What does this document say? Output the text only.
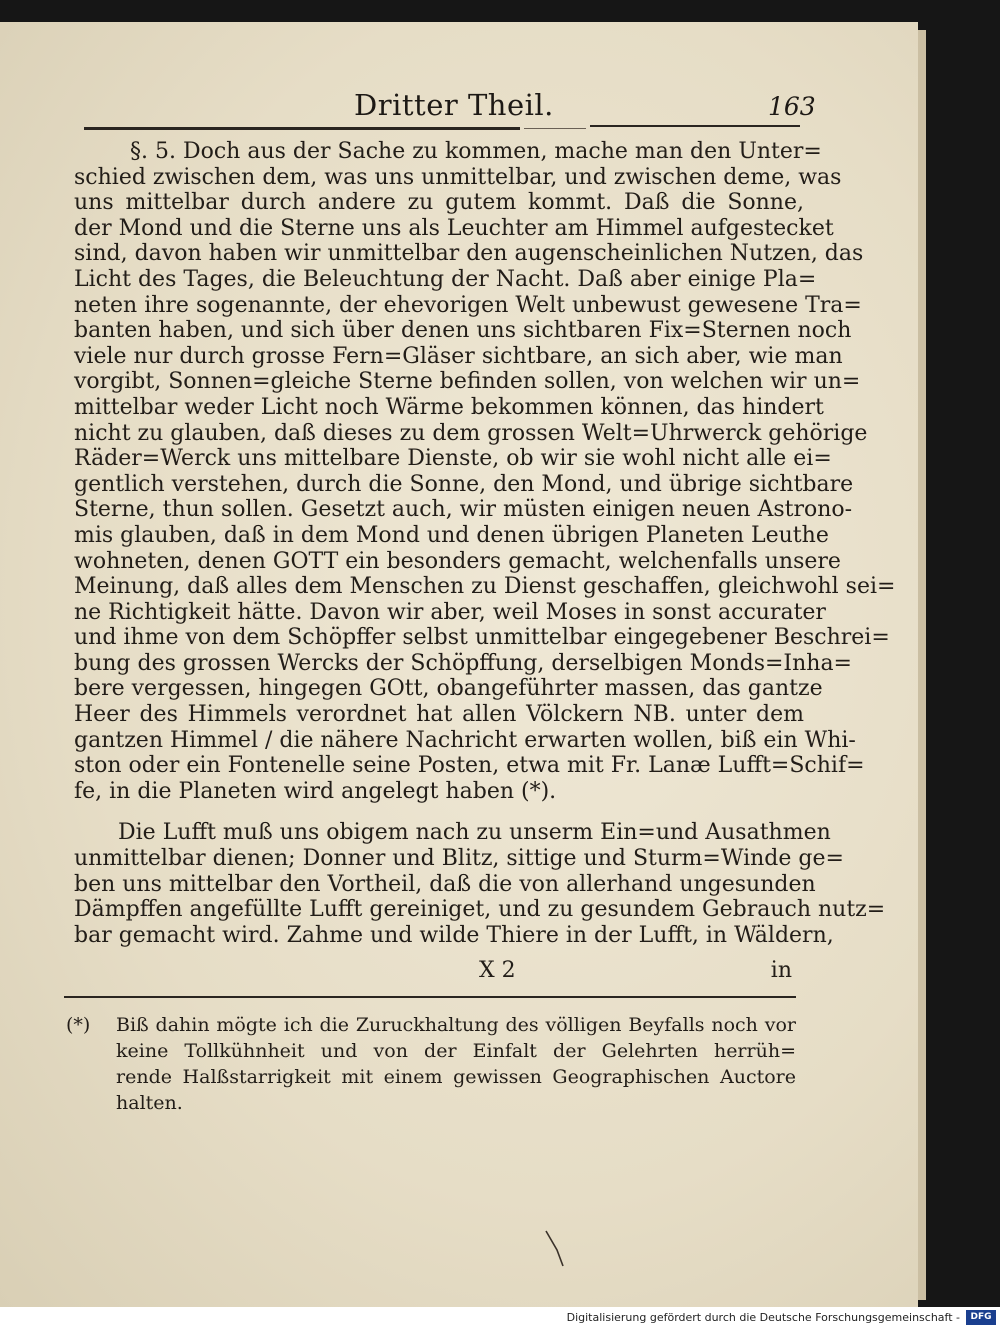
Dritter Theil.	163
§. 5. Doch aus der Sache zu kommen, mache man den Unter=
schied zwischen dem, was uns unmittelbar, und zwischen deme, was
uns mittelbar durch andere zu gutem kommt. Daß die Sonne,
der Mond und die Sterne uns als Leuchter am Himmel aufgestecket
sind, davon haben wir unmittelbar den augenscheinlichen Nutzen, das
Licht des Tages, die Beleuchtung der Nacht. Daß aber einige Pla=
neten ihre sogenannte, der ehevorigen Welt unbewust gewesene Tra=
banten haben, und sich über denen uns sichtbaren Fix=Sternen noch
viele nur durch grosse Fern=Gläser sichtbare, an sich aber, wie man
vorgibt, Sonnen=gleiche Sterne befinden sollen, von welchen wir un=
mittelbar weder Licht noch Wärme bekommen können, das hindert
nicht zu glauben, daß dieses zu dem grossen Welt=Uhrwerck gehörige
Räder=Werck uns mittelbare Dienste, ob wir sie wohl nicht alle ei=
gentlich verstehen, durch die Sonne, den Mond, und übrige sichtbare
Sterne, thun sollen. Gesetzt auch, wir müsten einigen neuen Astrono-
mis glauben, daß in dem Mond und denen übrigen Planeten Leuthe
wohneten, denen GOTT ein besonders gemacht, welchenfalls unsere
Meinung, daß alles dem Menschen zu Dienst geschaffen, gleichwohl sei=
ne Richtigkeit hätte. Davon wir aber, weil Moses in sonst accurater
und ihme von dem Schöpffer selbst unmittelbar eingegebener Beschrei=
bung des grossen Wercks der Schöpffung, derselbigen Monds=Inha=
bere vergessen, hingegen GOtt, obangeführter massen, das gantze
Heer des Himmels verordnet hat allen Völckern NB. unter dem
gantzen Himmel / die nähere Nachricht erwarten wollen, biß ein Whi-
ston oder ein Fontenelle seine Posten, etwa mit Fr. Lanæ Lufft=Schif=
fe, in die Planeten wird angelegt haben (*).
Die Lufft muß uns obigem nach zu unserm Ein=und Ausathmen
unmittelbar dienen; Donner und Blitz, sittige und Sturm=Winde ge=
ben uns mittelbar den Vortheil, daß die von allerhand ungesunden
Dämpffen angefüllte Lufft gereiniget, und zu gesundem Gebrauch nutz=
bar gemacht wird. Zahme und wilde Thiere in der Lufft, in Wäldern,
X 2	in
(*) Biß dahin mögte ich die Zuruckhaltung des völligen Beyfalls noch vor
keine Tollkühnheit und von der Einfalt der Gelehrten herrüh=
rende Halßstarrigkeit mit einem gewissen Geographischen Auctore
halten.
Digitalisierung gefördert durch die Deutsche Forschungsgemeinschaft -	DFG
